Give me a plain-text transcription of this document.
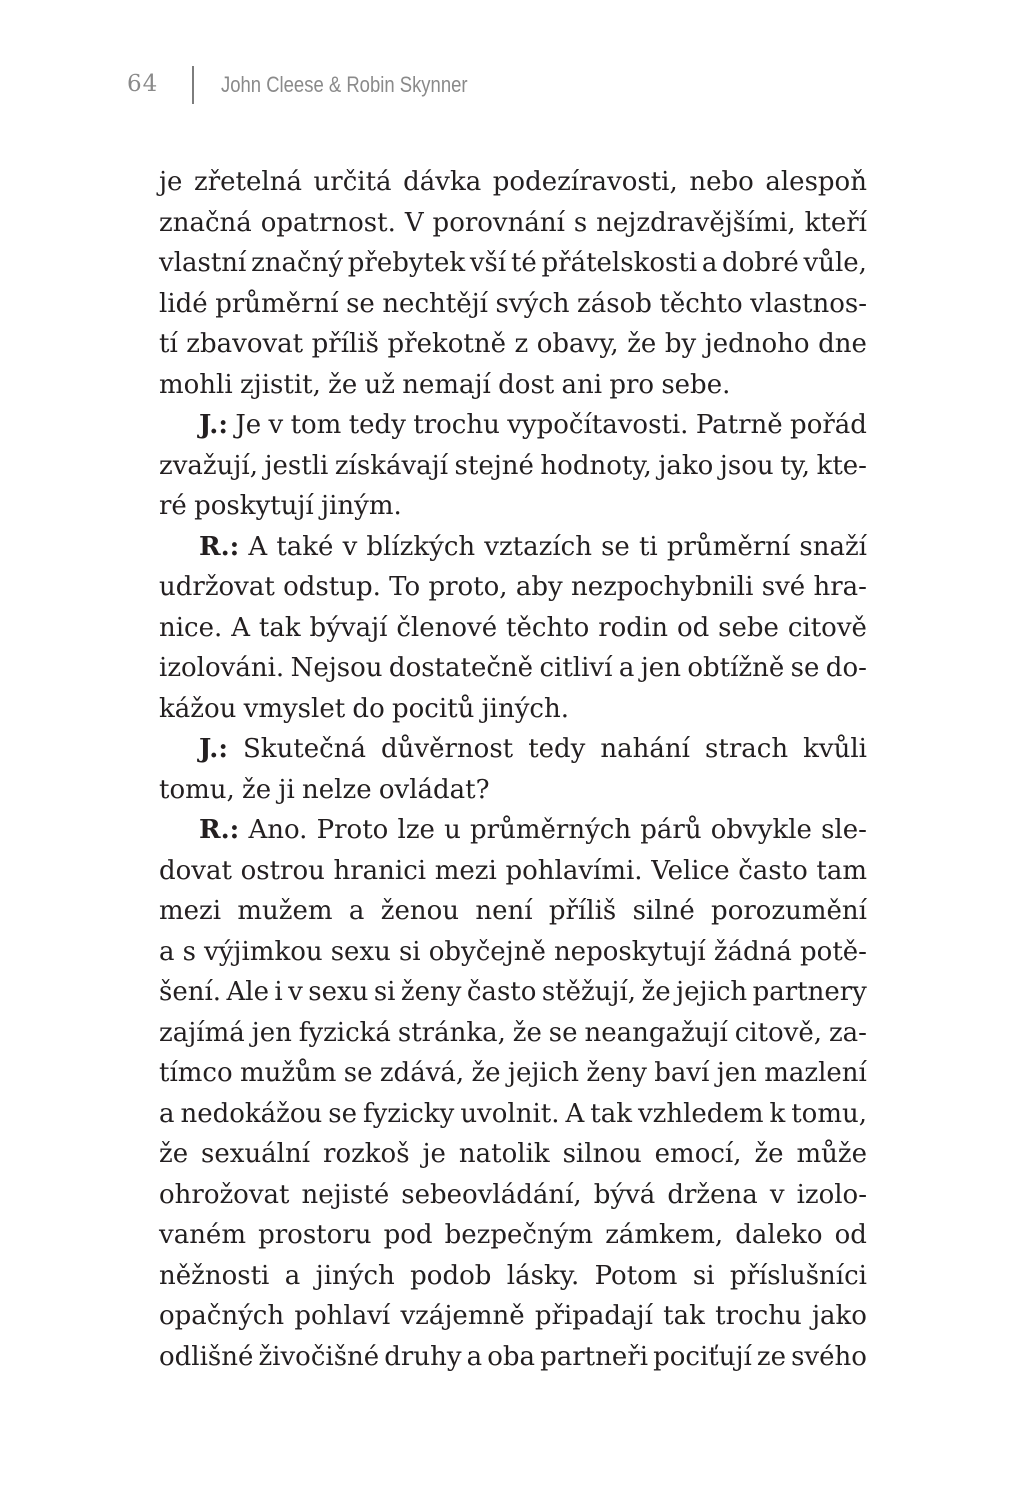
64	John Cleese & Robin Skynner
je zřetelná určitá dávka podezíravosti, nebo alespoň
značná opatrnost. V porovnání s nejzdravějšími, kteří
vlastní značný přebytek vší té přátelskosti a dobré vůle,
lidé průměrní se nechtějí svých zásob těchto vlastnos-
tí zbavovat příliš překotně z obavy, že by jednoho dne
mohli zjistit, že už nemají dost ani pro sebe.
J.: Je v tom tedy trochu vypočítavosti. Patrně pořád
zvažují, jestli získávají stejné hodnoty, jako jsou ty, kte-
ré poskytují jiným.
R.: A také v blízkých vztazích se ti průměrní snaží
udržovat odstup. To proto, aby nezpochybnili své hra-
nice. A tak bývají členové těchto rodin od sebe citově
izolováni. Nejsou dostatečně citliví a jen obtížně se do-
kážou vmyslet do pocitů jiných.
J.: Skutečná důvěrnost tedy nahání strach kvůli
tomu, že ji nelze ovládat?
R.: Ano. Proto lze u průměrných párů obvykle sle-
dovat ostrou hranici mezi pohlavími. Velice často tam
mezi mužem a ženou není příliš silné porozumění
a s výjimkou sexu si obyčejně neposkytují žádná potě-
šení. Ale i v sexu si ženy často stěžují, že jejich partnery
zajímá jen fyzická stránka, že se neangažují citově, za-
tímco mužům se zdává, že jejich ženy baví jen mazlení
a nedokážou se fyzicky uvolnit. A tak vzhledem k tomu,
že sexuální rozkoš je natolik silnou emocí, že může
ohrožovat nejisté sebeovládání, bývá držena v izolo-
vaném prostoru pod bezpečným zámkem, daleko od
něžnosti a jiných podob lásky. Potom si příslušníci
opačných pohlaví vzájemně připadají tak trochu jako
odlišné živočišné druhy a oba partneři pociťují ze svého
